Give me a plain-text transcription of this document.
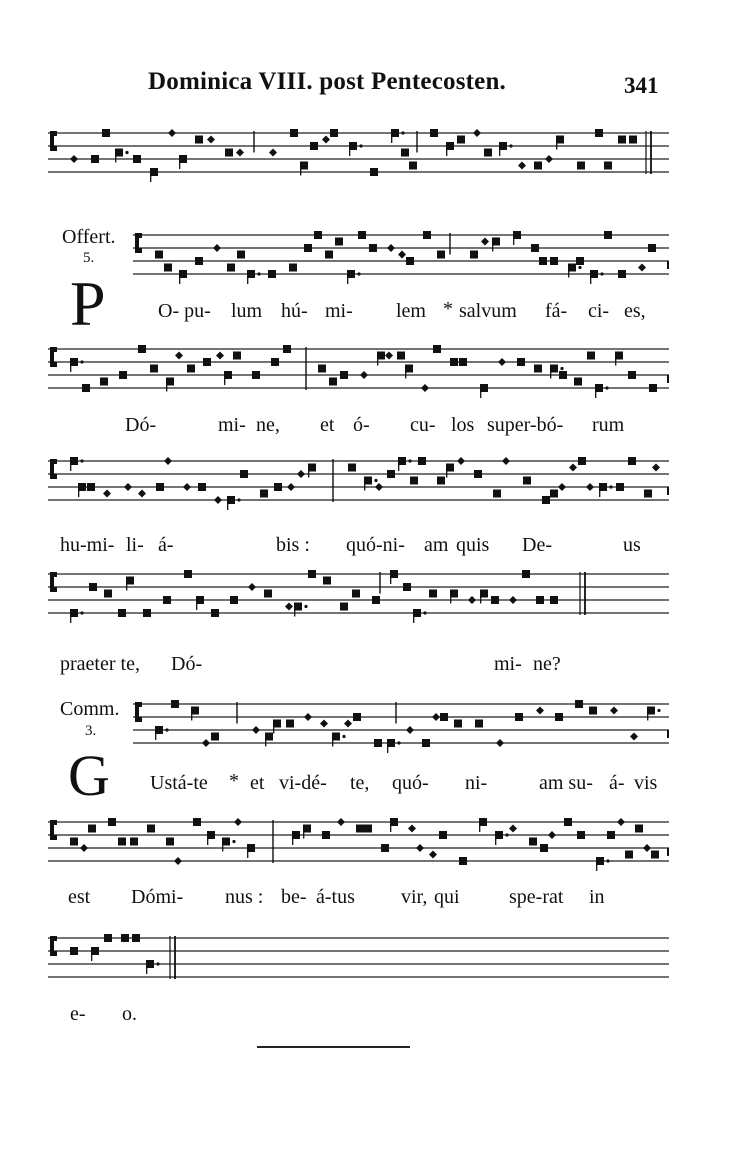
Dominica VIII. post Pentecosten.	341
Offert.
5.
P
Comm.
3.
G
O- pu- lum hú- mi- lem * salvum fá- ci- es,
Dó-	mi- ne, et ó- cu- los super-bó- rum
hu-mi- li- á-	bis : quó-ni- am quis De-	us
praeter te, Dó-	mi- ne?
Ustá-te * et vi-dé- te, quó- ni-	am su- á- vis
est Dómi- nus : be- á-tus vir, qui spe-rat in
e- o.
